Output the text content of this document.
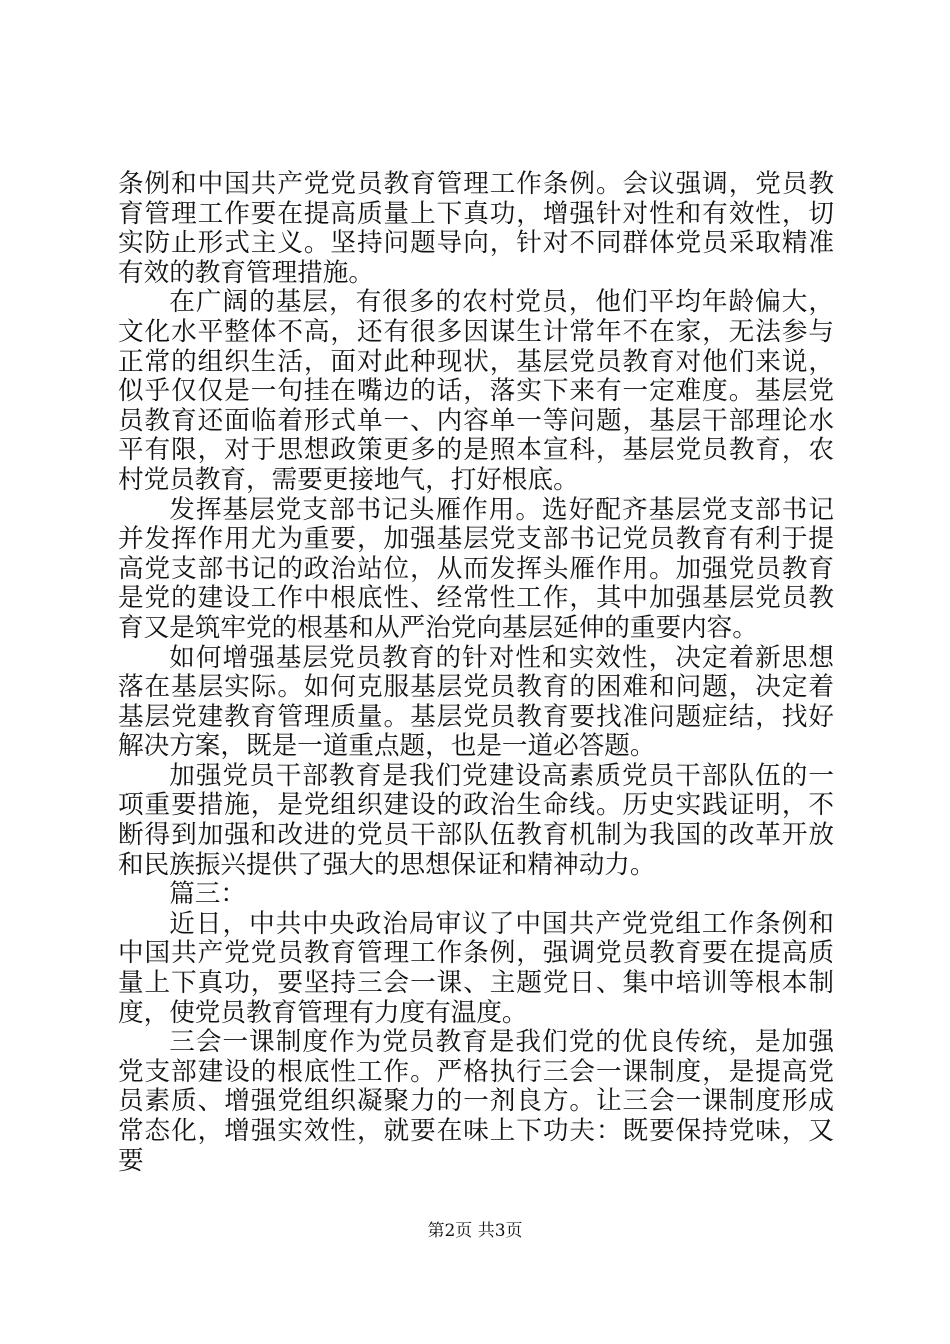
条例和中国共产党党员教育管理工作条例。会议强调，党员教育管理工作要在提高质量上下真功，增强针对性和有效性，切实防止形式主义。坚持问题导向，针对不同群体党员采取精准有效的教育管理措施。

在广阔的基层，有很多的农村党员，他们平均年龄偏大，文化水平整体不高，还有很多因谋生计常年不在家，无法参与正常的组织生活，面对此种现状，基层党员教育对他们来说，似乎仅仅是一句挂在嘴边的话，落实下来有一定难度。基层党员教育还面临着形式单一、内容单一等问题，基层干部理论水平有限，对于思想政策更多的是照本宣科，基层党员教育，农村党员教育，需要更接地气，打好根底。

发挥基层党支部书记头雁作用。选好配齐基层党支部书记并发挥作用尤为重要，加强基层党支部书记党员教育有利于提高党支部书记的政治站位，从而发挥头雁作用。加强党员教育是党的建设工作中根底性、经常性工作，其中加强基层党员教育又是筑牢党的根基和从严治党向基层延伸的重要内容。

如何增强基层党员教育的针对性和实效性，决定着新思想落在基层实际。如何克服基层党员教育的困难和问题，决定着基层党建教育管理质量。基层党员教育要找准问题症结，找好解决方案，既是一道重点题，也是一道必答题。

加强党员干部教育是我们党建设高素质党员干部队伍的一项重要措施，是党组织建设的政治生命线。历史实践证明，不断得到加强和改进的党员干部队伍教育机制为我国的改革开放和民族振兴提供了强大的思想保证和精神动力。

篇三：

近日，中共中央政治局审议了中国共产党党组工作条例和中国共产党党员教育管理工作条例，强调党员教育要在提高质量上下真功，要坚持三会一课、主题党日、集中培训等根本制度，使党员教育管理有力度有温度。

三会一课制度作为党员教育是我们党的优良传统，是加强党支部建设的根底性工作。严格执行三会一课制度，是提高党员素质、增强党组织凝聚力的一剂良方。让三会一课制度形成常态化，增强实效性，就要在味上下功夫：既要保持党味，又要

第2页 共3页
